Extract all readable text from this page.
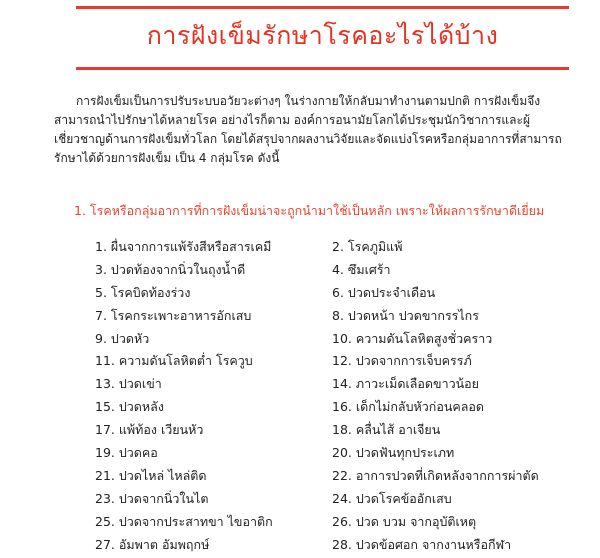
การฝังเข็มรักษาโรคอะไรได้บ้าง

การฝังเข็มเป็นการปรับระบบอวัยวะต่างๆ ในร่างกายให้กลับมาทำงานตามปกติ การฝังเข็มจึงสามารถนำไปรักษาได้หลายโรค อย่างไรก็ตาม องค์การอนามัยโลกได้ประชุมนักวิชาการและผู้เชี่ยวชาญด้านการฝังเข็มทั่วโลก โดยได้สรุปจากผลงานวิจัยและจัดแบ่งโรคหรือกลุ่มอาการที่สามารถรักษาได้ด้วยการฝังเข็ม เป็น 4 กลุ่มโรค ดังนี้

1. โรคหรือกลุ่มอาการที่การฝังเข็มน่าจะถูกนำมาใช้เป็นหลัก เพราะให้ผลการรักษาดีเยี่ยม
1. ผื่นจากการแพ้รังสีหรือสารเคมี	2. โรคภูมิแพ้
3. ปวดท้องจากนิ่วในถุงน้ำดี	4. ซึมเศร้า
5. โรคบิดท้องร่วง	6. ปวดประจำเดือน
7. โรคกระเพาะอาหารอักเสบ	8. ปวดหน้า ปวดขากรรไกร
9. ปวดหัว	10. ความดันโลหิตสูงชั่วคราว
11. ความดันโลหิตต่ำ โรควูบ	12. ปวดจากการเจ็บครรภ์
13. ปวดเข่า	14. ภาวะเม็ดเลือดขาวน้อย
15. ปวดหลัง	16. เด็กไม่กลับหัวก่อนคลอด
17. แพ้ท้อง เวียนหัว	18. คลื่นไส้ อาเจียน
19. ปวดคอ	20. ปวดฟันทุกประเภท
21. ปวดไหล่ ไหล่ติด	22. อาการปวดที่เกิดหลังจากการผ่าตัด
23. ปวดจากนิ่วในไต	24. ปวดโรคข้ออักเสบ
25. ปวดจากประสาทขา ไขอาติก	26. ปวด บวม จากอุบัติเหตุ
27. อัมพาต อัมพฤกษ์	28. ปวดข้อศอก จากงานหรือกีฬา
